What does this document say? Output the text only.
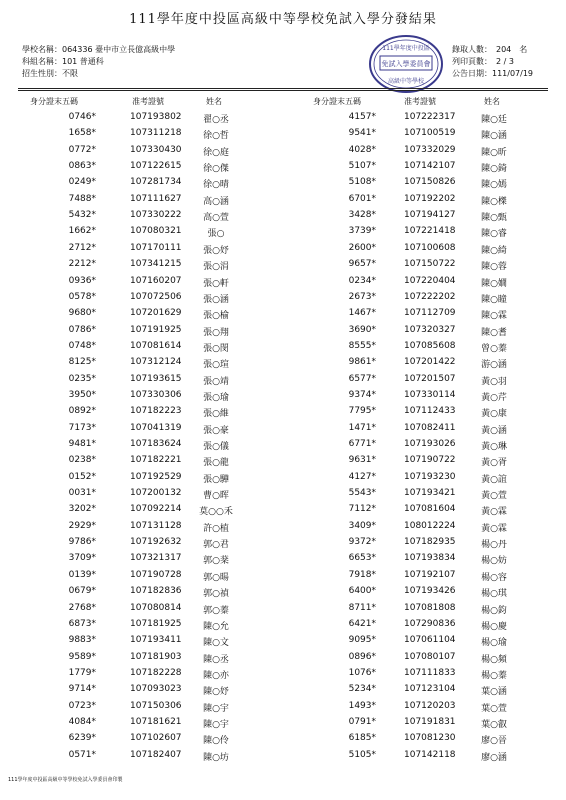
111學年度中投區高級中等學校免試入學分發結果
學校名稱：064336 臺中市立長億高級中學
科組名稱：101 普通科
招生性別：不限
111學年度中投區
免試入學委員會
高級中等學校
錄取人數：　204　名
列印頁數：　2 / 3
公告日期：111/07/19
身分證末五碼	准考證號	姓名	身分證末五碼	准考證號	姓名
0746*	107193802	翟○丞	4157*	107222317	陳○廷
1658*	107311218	徐○哲	9541*	107100519	陳○涵
0772*	107330430	徐○庭	4028*	107332029	陳○昕
0863*	107122615	徐○傑	5107*	107142107	陳○錡
0249*	107281734	徐○晴	5108*	107150826	陳○嫣
7488*	107111627	高○涵	6701*	107192202	陳○榤
5432*	107330222	高○萱	3428*	107194127	陳○甄
1662*	107080321	張○	3739*	107221418	陳○睿
2712*	107170111	張○妤	2600*	107100608	陳○綺
2212*	107341215	張○涓	9657*	107150722	陳○蓉
0936*	107160207	張○軒	0234*	107220404	陳○嫺
0578*	107072506	張○涵	2673*	107222202	陳○瞳
9680*	107201629	張○榆	1467*	107112709	陳○霖
0786*	107191925	張○翔	3690*	107320327	陳○耆
0748*	107081614	張○閔	8555*	107085608	曾○蓁
8125*	107312124	張○瑄	9861*	107201422	游○涵
0235*	107193615	張○靖	6577*	107201507	黃○羽
3950*	107330306	張○瑜	9374*	107330114	黃○芹
0892*	107182223	張○維	7795*	107112433	黃○康
7173*	107041319	張○豪	1471*	107082411	黃○涵
9481*	107183624	張○儀	6771*	107193026	黃○琳
0238*	107182221	張○龍	9631*	107190722	黃○胥
0152*	107192529	張○驊	4127*	107193230	黃○誼
0031*	107200132	曹○晖	5543*	107193421	黃○萱
3202*	107092214	莫○○禾	7112*	107081604	黃○霖
2929*	107131128	許○植	3409*	108012224	黃○霖
9786*	107192632	郭○君	9372*	107182935	楊○丹
3709*	107321317	郭○棻	6653*	107193834	楊○妨
0139*	107190728	郭○暘	7918*	107192107	楊○容
0679*	107182836	郭○禎	6400*	107193426	楊○琪
2768*	107080814	郭○蓁	8711*	107081808	楊○鈞
6873*	107181925	陳○允	6421*	107290836	楊○慶
9883*	107193411	陳○文	9095*	107061104	楊○瑜
9589*	107181903	陳○丞	0896*	107080107	楊○頻
1779*	107182228	陳○亦	1076*	107111833	楊○蓁
9714*	107093023	陳○妤	5234*	107123104	葉○涵
0723*	107150306	陳○宇	1493*	107120203	葉○萱
4084*	107181621	陳○宇	0791*	107191831	葉○叡
6239*	107102607	陳○伶	6185*	107081230	廖○晉
0571*	107182407	陳○坊	5105*	107142118	廖○涵
111學年度中投區高級中等學校免試入學委員會印製
